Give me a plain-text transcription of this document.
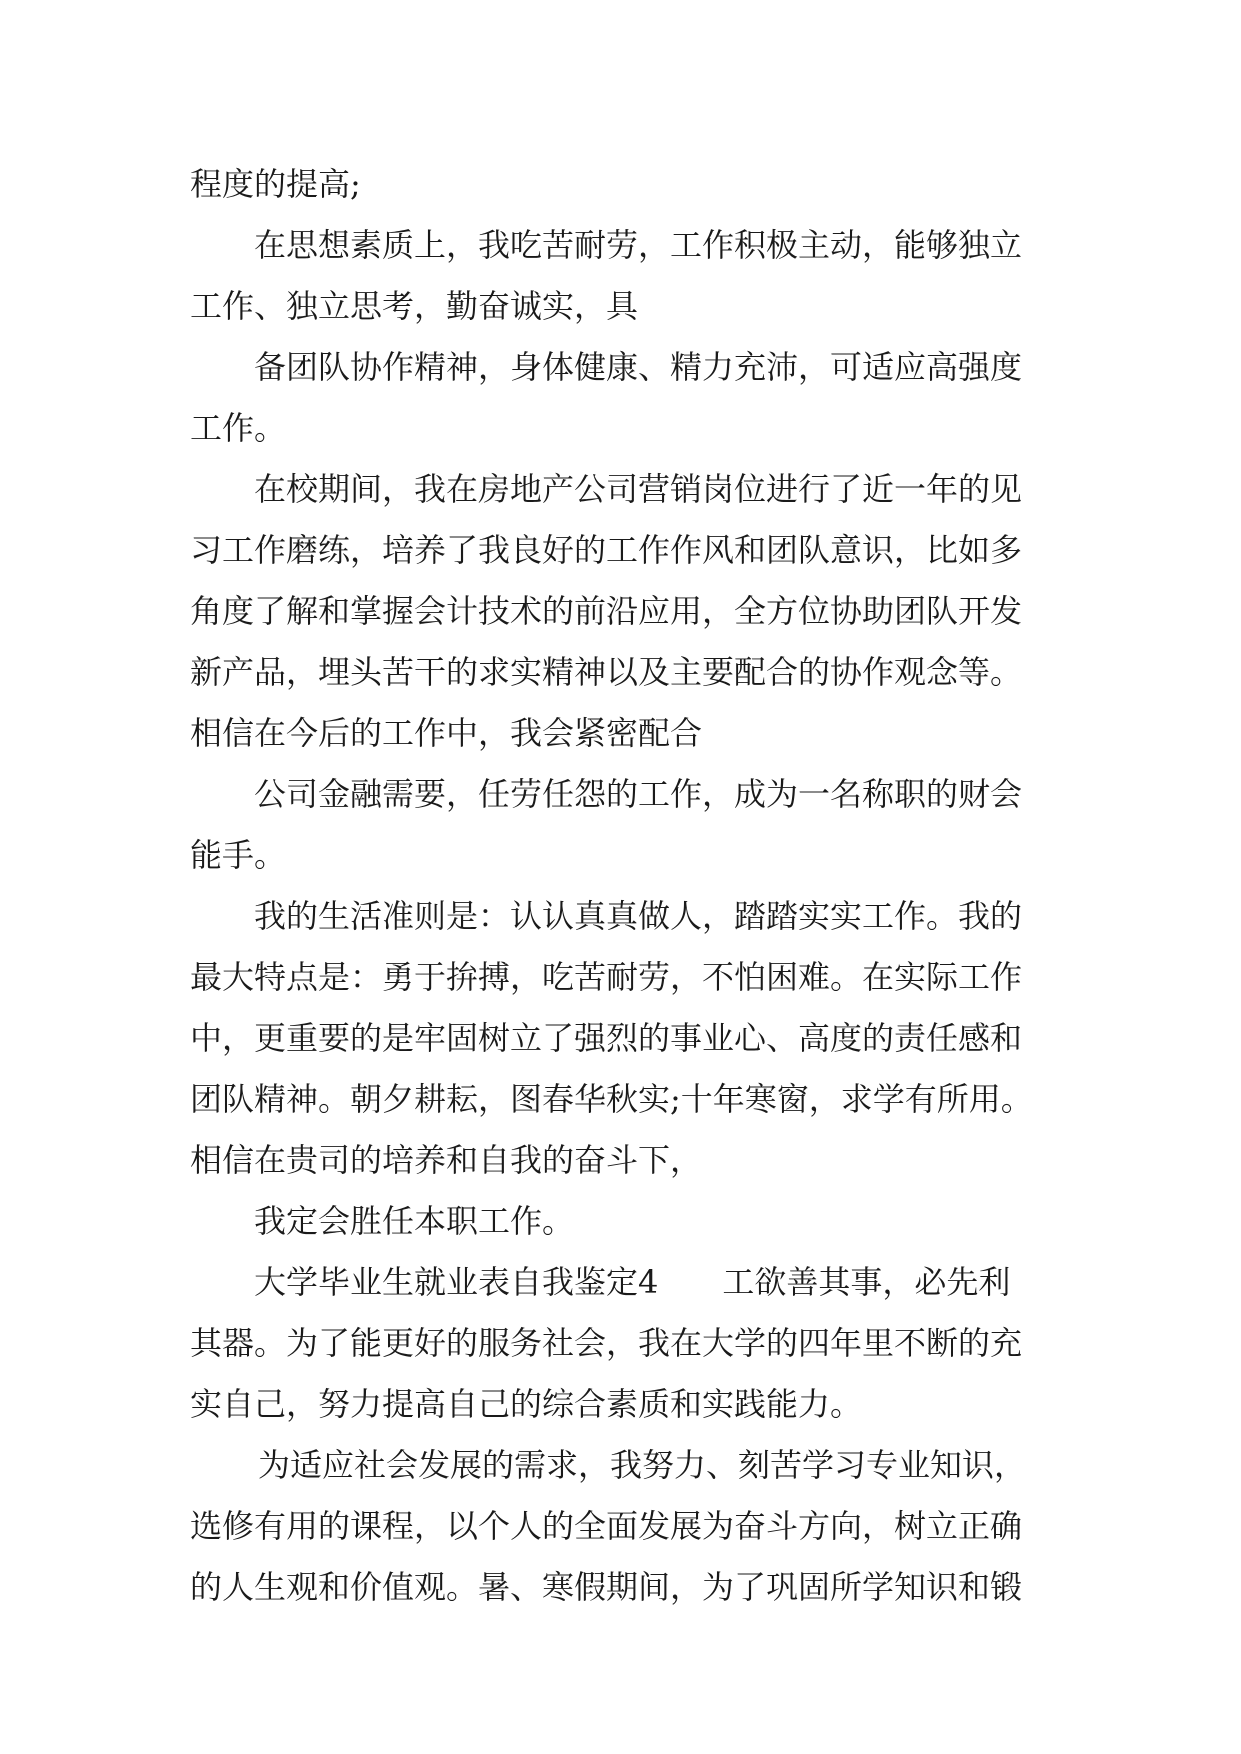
程度的提高;
在思想素质上，我吃苦耐劳，工作积极主动，能够独立
工作、独立思考，勤奋诚实，具
备团队协作精神，身体健康、精力充沛，可适应高强度
工作。
在校期间，我在房地产公司营销岗位进行了近一年的见
习工作磨练，培养了我良好的工作作风和团队意识，比如多
角度了解和掌握会计技术的前沿应用，全方位协助团队开发
新产品，埋头苦干的求实精神以及主要配合的协作观念等。
相信在今后的工作中，我会紧密配合
公司金融需要，任劳任怨的工作，成为一名称职的财会
能手。
我的生活准则是：认认真真做人，踏踏实实工作。我的
最大特点是：勇于拚搏，吃苦耐劳，不怕困难。在实际工作
中，更重要的是牢固树立了强烈的事业心、高度的责任感和
团队精神。朝夕耕耘，图春华秋实;十年寒窗，求学有所用。
相信在贵司的培养和自我的奋斗下，
我定会胜任本职工作。
大学毕业生就业表自我鉴定4　　工欲善其事，必先利
其器。为了能更好的服务社会，我在大学的四年里不断的充
实自己，努力提高自己的综合素质和实践能力。
为适应社会发展的需求，我努力、刻苦学习专业知识，
选修有用的课程，以个人的全面发展为奋斗方向，树立正确
的人生观和价值观。暑、寒假期间，为了巩固所学知识和锻
